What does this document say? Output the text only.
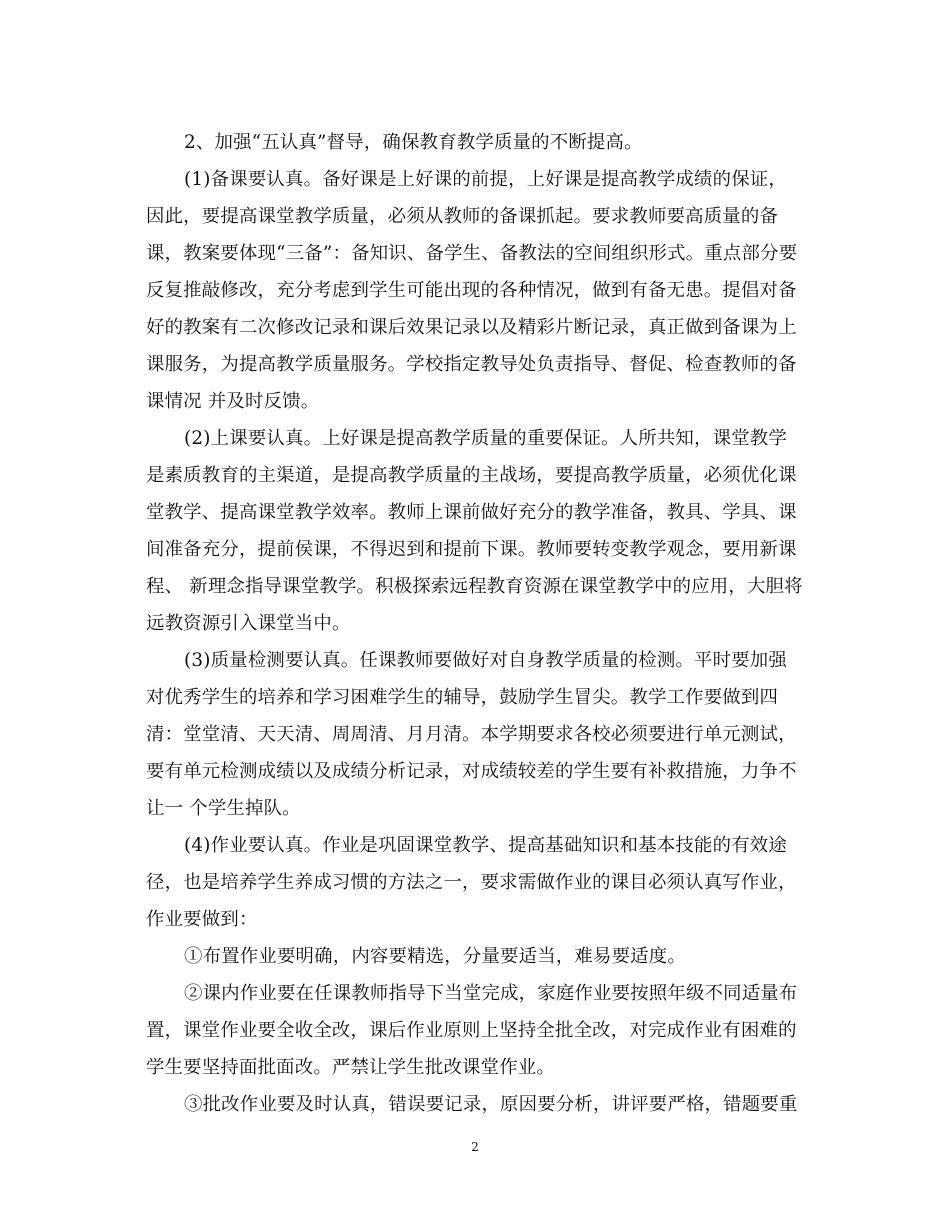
2、加强“五认真”督导，确保教育教学质量的不断提高。
(1)备课要认真。备好课是上好课的前提，上好课是提高教学成绩的保证，
因此，要提高课堂教学质量，必须从教师的备课抓起。要求教师要高质量的备
课，教案要体现“三备”：备知识、备学生、备教法的空间组织形式。重点部分要
反复推敲修改，充分考虑到学生可能出现的各种情况，做到有备无患。提倡对备
好的教案有二次修改记录和课后效果记录以及精彩片断记录，真正做到备课为上
课服务，为提高教学质量服务。学校指定教导处负责指导、督促、检查教师的备
课情况 并及时反馈。
(2)上课要认真。上好课是提高教学质量的重要保证。人所共知，课堂教学
是素质教育的主渠道，是提高教学质量的主战场，要提高教学质量，必须优化课
堂教学、提高课堂教学效率。教师上课前做好充分的教学准备，教具、学具、课
间准备充分，提前侯课，不得迟到和提前下课。教师要转变教学观念，要用新课
程、 新理念指导课堂教学。积极探索远程教育资源在课堂教学中的应用，大胆将
远教资源引入课堂当中。
(3)质量检测要认真。任课教师要做好对自身教学质量的检测。平时要加强
对优秀学生的培养和学习困难学生的辅导，鼓励学生冒尖。教学工作要做到四
清：堂堂清、天天清、周周清、月月清。本学期要求各校必须要进行单元测试，
要有单元检测成绩以及成绩分析记录，对成绩较差的学生要有补救措施，力争不
让一 个学生掉队。
(4)作业要认真。作业是巩固课堂教学、提高基础知识和基本技能的有效途
径，也是培养学生养成习惯的方法之一，要求需做作业的课目必须认真写作业，
作业要做到：
①布置作业要明确，内容要精选，分量要适当，难易要适度。
②课内作业要在任课教师指导下当堂完成，家庭作业要按照年级不同适量布
置，课堂作业要全收全改，课后作业原则上坚持全批全改，对完成作业有困难的
学生要坚持面批面改。严禁让学生批改课堂作业。
③批改作业要及时认真，错误要记录，原因要分析，讲评要严格，错题要重
2
